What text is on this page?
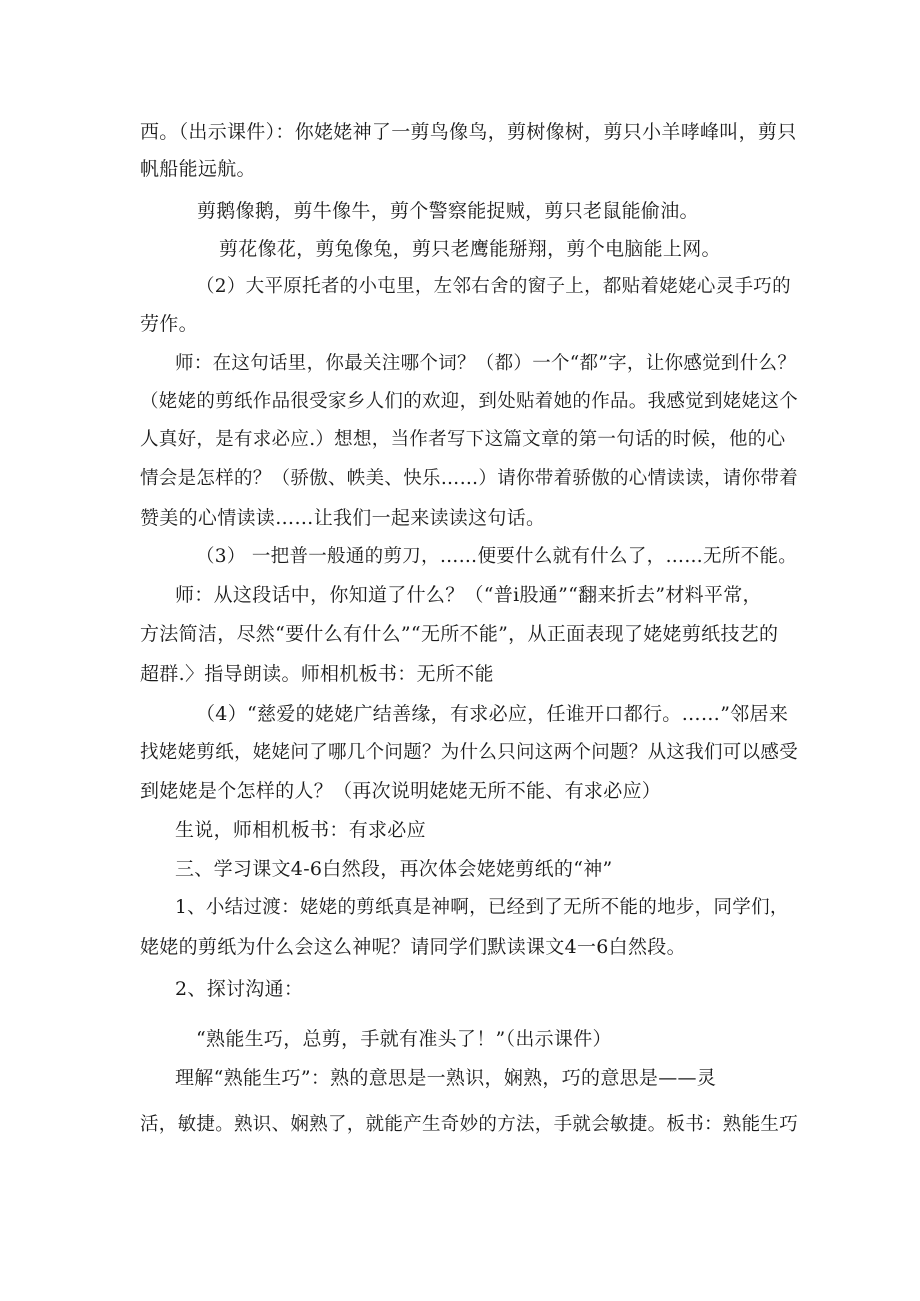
西。（出示课件）：你姥姥神了一剪鸟像鸟，剪树像树，剪只小羊哮峰叫，剪只
帆船能远航。
剪鹅像鹅，剪牛像牛，剪个警察能捉贼，剪只老鼠能偷油。
剪花像花，剪兔像兔，剪只老鹰能掰翔，剪个电脑能上网。
（2）大平原托者的小屯里，左邻右舍的窗子上，都贴着姥姥心灵手巧的
劳作。
师：在这句话里，你最关注哪个词？（都）一个“都”字，让你感觉到什么？
（姥姥的剪纸作品很受家乡人们的欢迎，到处贴着她的作品。我感觉到姥姥这个
人真好，是有求必应.）想想，当作者写下这篇文章的第一句话的时候，他的心
情会是怎样的？（骄傲、帙美、快乐……）请你带着骄傲的心情读读，请你带着
赞美的心情读读……让我们一起来读读这句话。
（3） 一把普一般通的剪刀，……便要什么就有什么了，……无所不能。
师：从这段话中，你知道了什么？（“普i股通”“翻来折去”材料平常，
方法简洁，尽然“要什么有什么”“无所不能”，从正面表现了姥姥剪纸技艺的
超群.〉指导朗读。师相机板书：无所不能
（4）“慈爱的姥姥广结善缘，有求必应，任谁开口都行。……”邻居来
找姥姥剪纸，姥姥问了哪几个问题？为什么只问这两个问题？从这我们可以感受
到姥姥是个怎样的人？（再次说明姥姥无所不能、有求必应）
生说，师相机板书：有求必应
三、学习课文4-6白然段，再次体会姥姥剪纸的“神”
1、小结过渡：姥姥的剪纸真是神啊，已经到了无所不能的地步，同学们，
姥姥的剪纸为什么会这么神呢？请同学们默读课文4一6白然段。
2、探讨沟通：
“熟能生巧，总剪，手就有准头了！”（出示课件）
理解“熟能生巧”：熟的意思是一熟识，娴熟，巧的意思是——灵
活，敏捷。熟识、娴熟了，就能产生奇妙的方法，手就会敏捷。板书：熟能生巧
